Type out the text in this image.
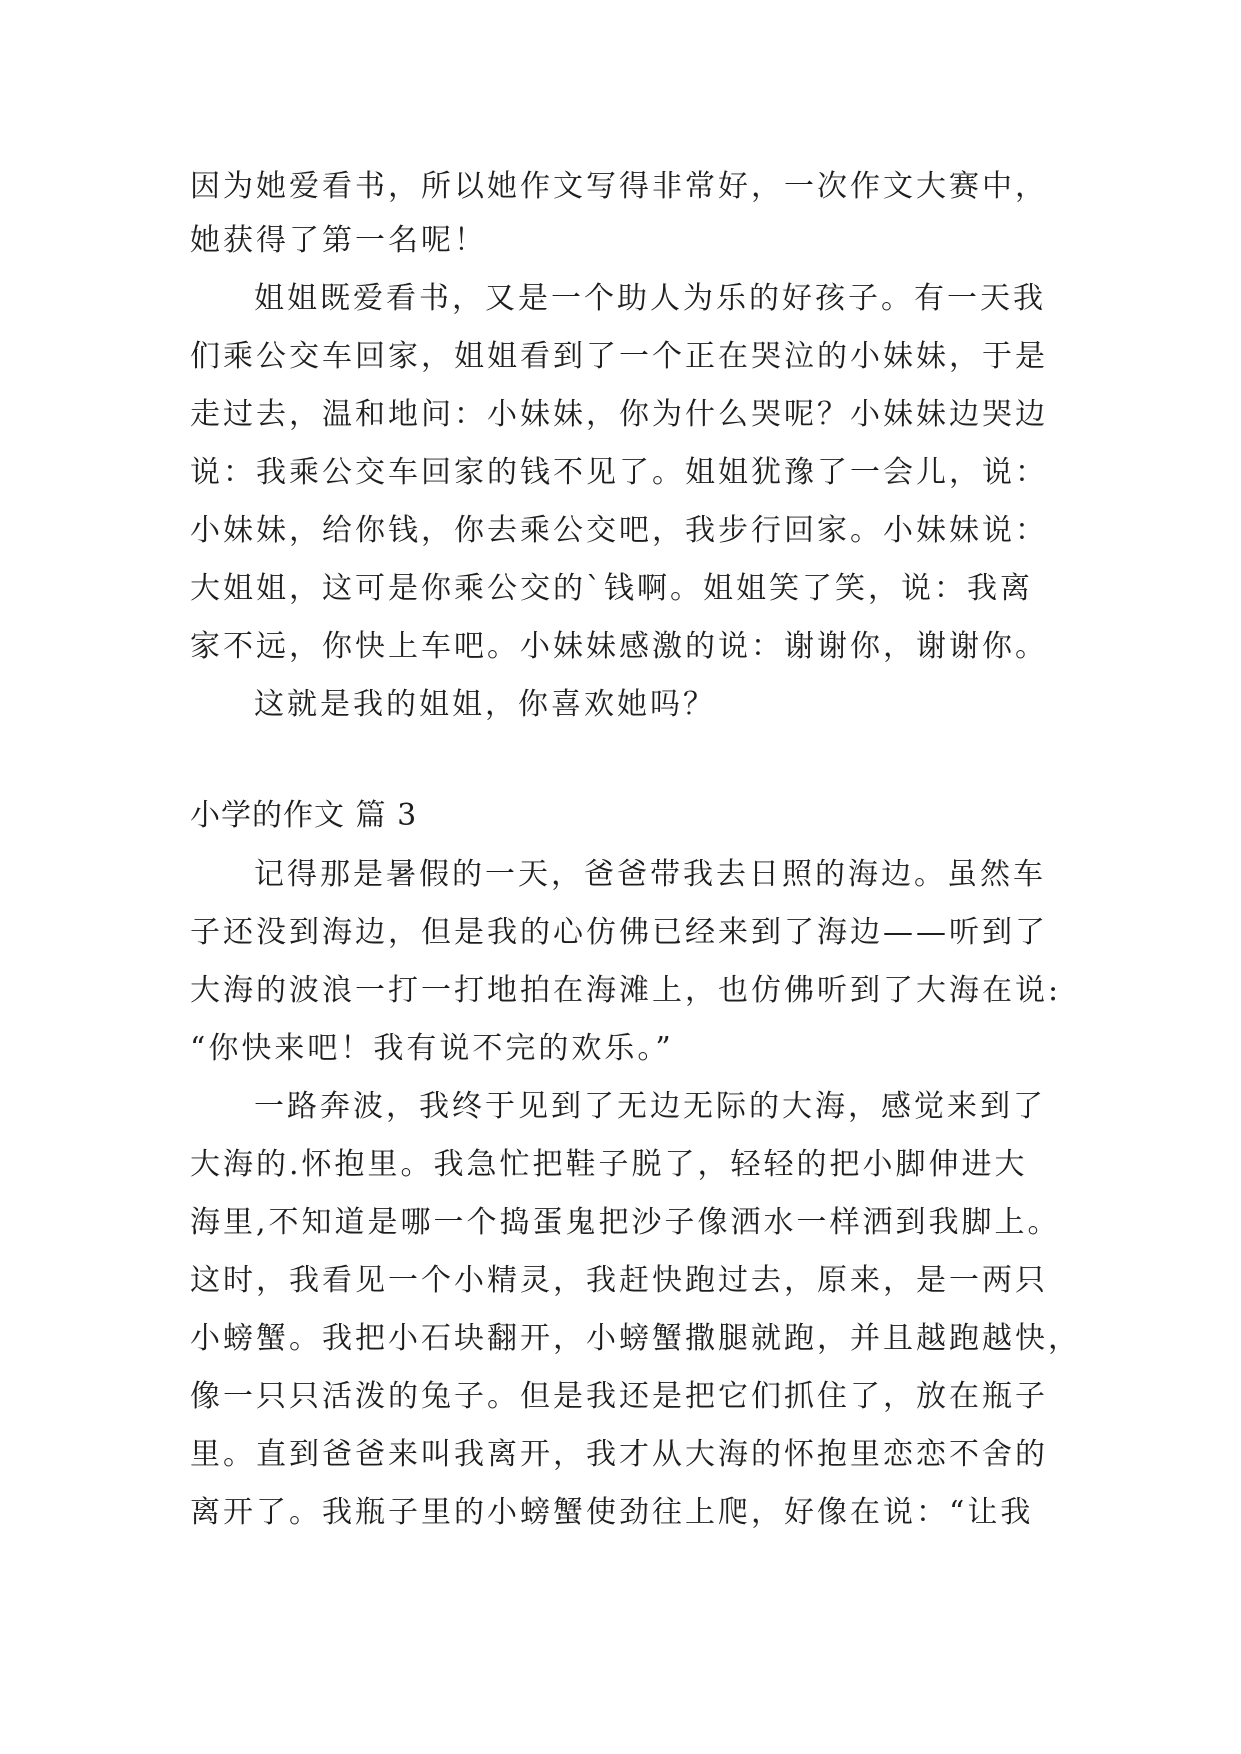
因为她爱看书，所以她作文写得非常好，一次作文大赛中，
她获得了第一名呢！
姐姐既爱看书，又是一个助人为乐的好孩子。有一天我
们乘公交车回家，姐姐看到了一个正在哭泣的小妹妹，于是
走过去，温和地问：小妹妹，你为什么哭呢？小妹妹边哭边
说：我乘公交车回家的钱不见了。姐姐犹豫了一会儿，说：
小妹妹，给你钱，你去乘公交吧，我步行回家。小妹妹说：
大姐姐，这可是你乘公交的`钱啊。姐姐笑了笑，说：我离
家不远，你快上车吧。小妹妹感激的说：谢谢你，谢谢你。
这就是我的姐姐，你喜欢她吗？
小学的作文 篇 3
记得那是暑假的一天，爸爸带我去日照的海边。虽然车
子还没到海边，但是我的心仿佛已经来到了海边——听到了
大海的波浪一打一打地拍在海滩上，也仿佛听到了大海在说:
“你快来吧！我有说不完的欢乐。”
一路奔波，我终于见到了无边无际的大海，感觉来到了
大海的.怀抱里。我急忙把鞋子脱了，轻轻的把小脚伸进大
海里,不知道是哪一个捣蛋鬼把沙子像洒水一样洒到我脚上。
这时，我看见一个小精灵，我赶快跑过去，原来，是一两只
小螃蟹。我把小石块翻开，小螃蟹撒腿就跑，并且越跑越快，
像一只只活泼的兔子。但是我还是把它们抓住了，放在瓶子
里。直到爸爸来叫我离开，我才从大海的怀抱里恋恋不舍的
离开了。我瓶子里的小螃蟹使劲往上爬，好像在说：“让我
